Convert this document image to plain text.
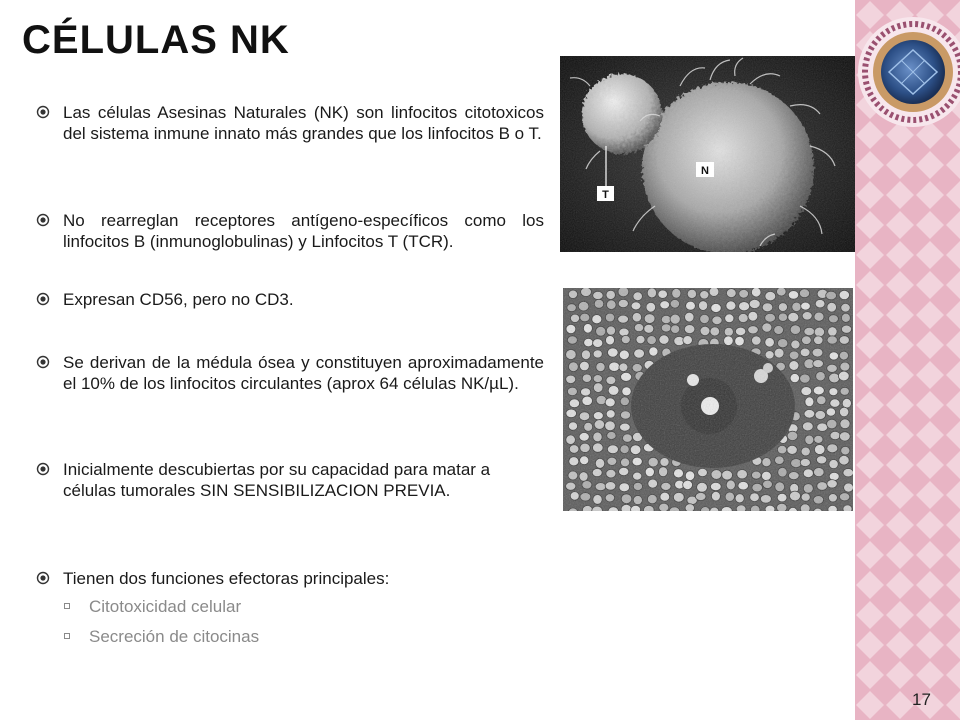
CÉLULAS NK
Las células Asesinas Naturales (NK) son linfocitos citotoxicos del sistema inmune innato más grandes que los linfocitos B o T.
No rearreglan receptores antígeno-específicos como los linfocitos B (inmunoglobulinas) y Linfocitos T (TCR).
Expresan CD56, pero no CD3.
Se derivan de la médula ósea y constituyen aproximadamente el 10% de los linfocitos circulantes (aprox 64 células NK/µL).
Inicialmente descubiertas por su capacidad para matar a células tumorales SIN SENSIBILIZACION PREVIA.
Tienen dos funciones efectoras principales:
Citotoxicidad celular
Secreción de citocinas
T
N
17
